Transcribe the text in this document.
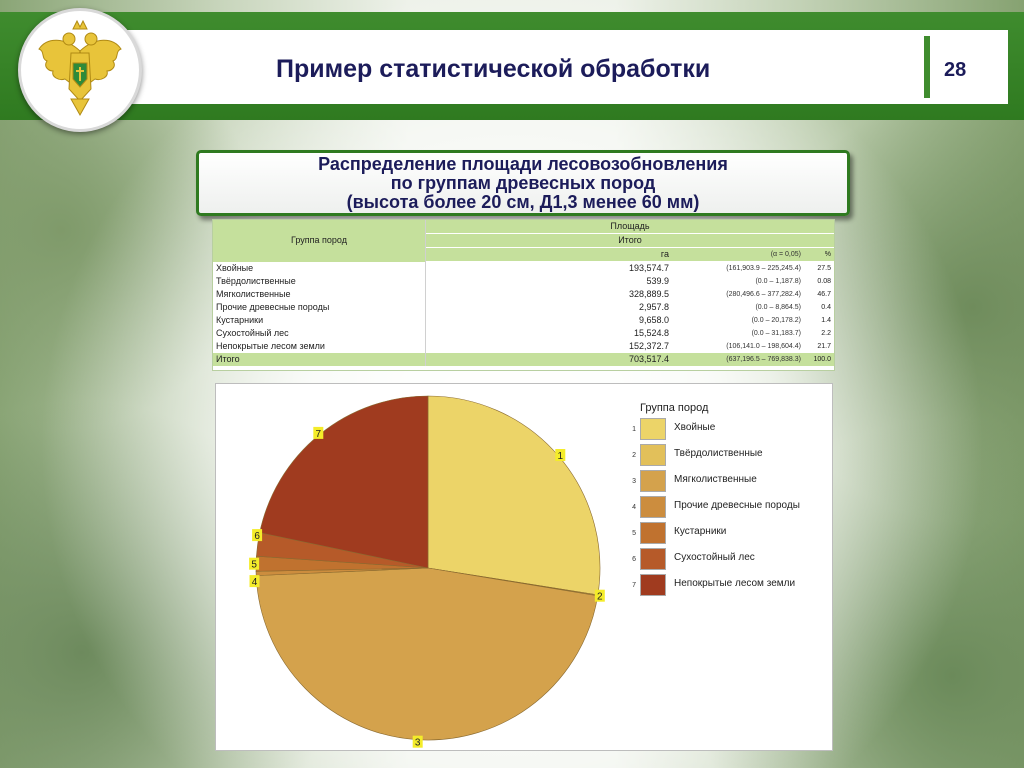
Пример статистической обработки	28
Распределение площади лесовозобновления
по группам древесных пород
(высота более 20 см, Д1,3 менее 60 мм)
Группа пород	Площадь		
	Итого		
	га	(α = 0,05)	%
Хвойные	193,574.7	(161,903.9 – 225,245.4)	27.5
Твёрдолиственные	539.9	(0.0 – 1,187.8)	0.08
Мягколиственные	328,889.5	(280,496.6 – 377,282.4)	46.7
Прочие древесные породы	2,957.8	(0.0 – 8,864.5)	0.4
Кустарники	9,658.0	(0.0 – 20,178.2)	1.4
Сухостойный лес	15,524.8	(0.0 – 31,183.7)	2.2
Непокрытые лесом земли	152,372.7	(106,141.0 – 198,604.4)	21.7
Итого	703,517.4	(637,196.5 – 769,838.3)	100.0
1
2
3
4
5
6
7
Группа пород
1	Хвойные
2	Твёрдолиственные
3	Мягколиственные
4	Прочие древесные породы
5	Кустарники
6	Сухостойный лес
7	Непокрытые лесом земли
